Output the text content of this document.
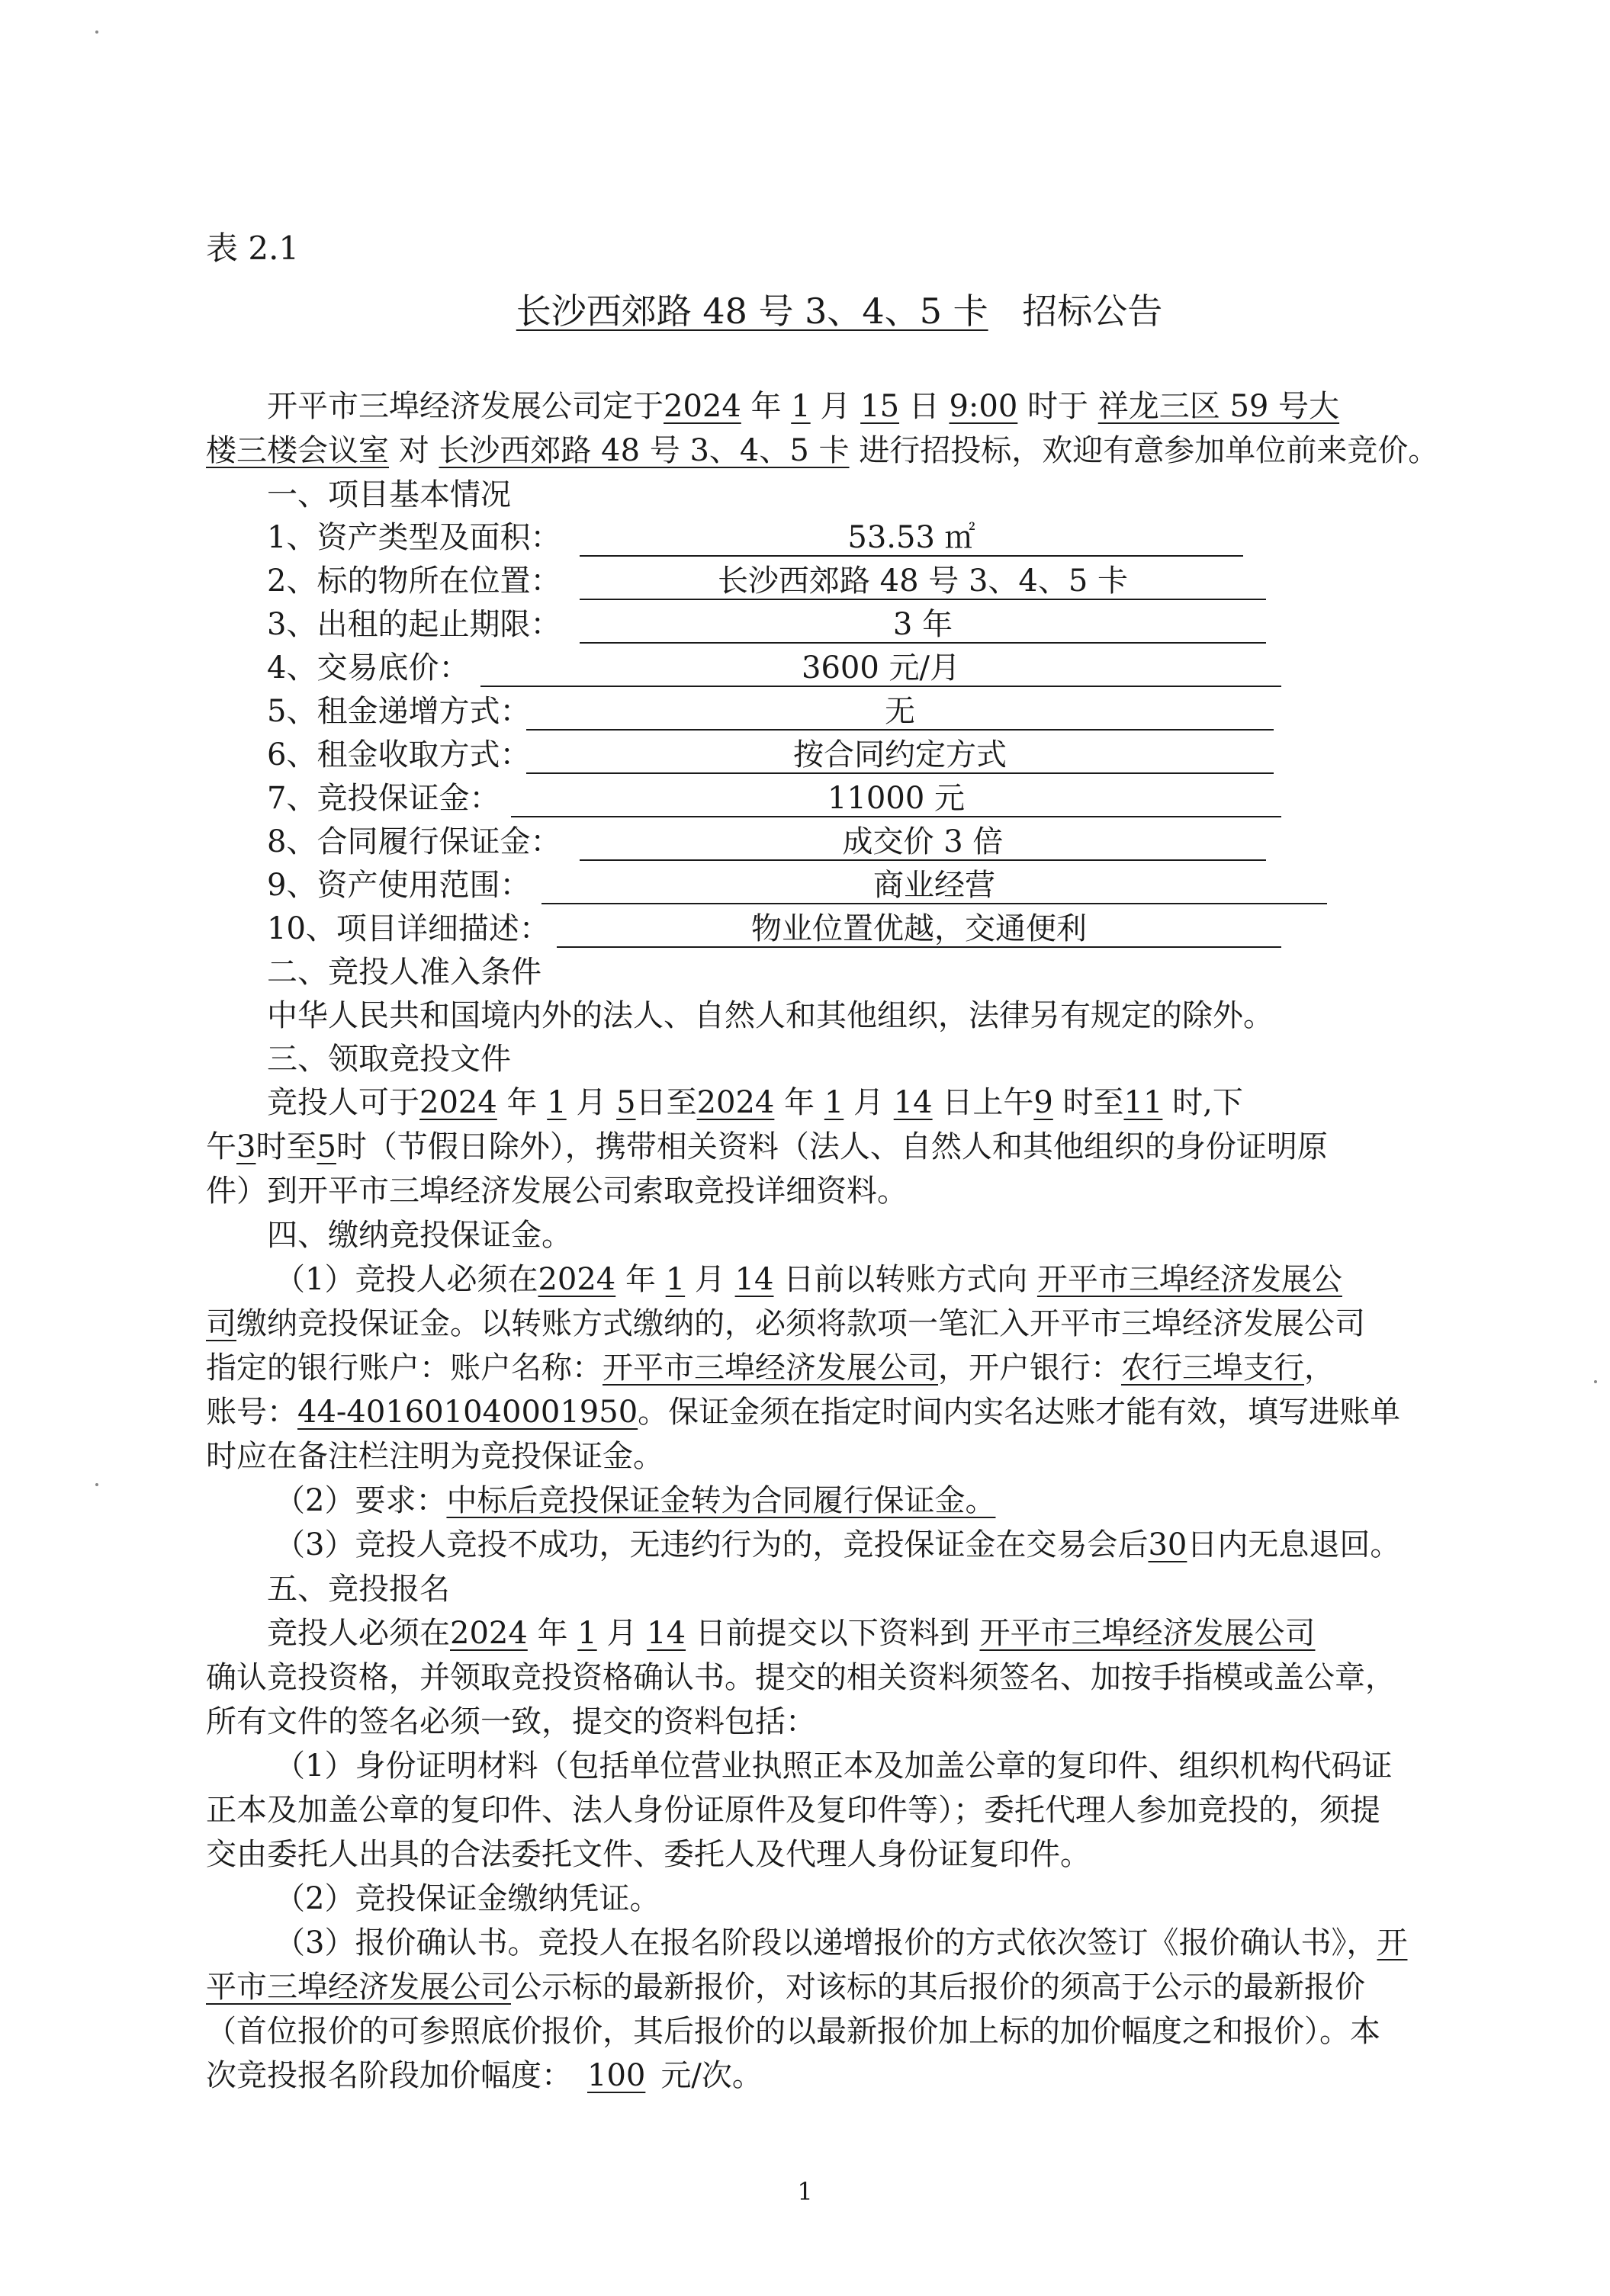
表 2.1
长沙西郊路 48 号 3、4、5 卡 招标公告
开平市三埠经济发展公司定于2024 年 1 月 15 日 9:00 时于 祥龙三区 59 号大
楼三楼会议室 对 长沙西郊路 48 号 3、4、5 卡 进行招投标，欢迎有意参加单位前来竞价。
一、项目基本情况
1、资产类型及面积：	53.53 ㎡
2、标的物所在位置：	长沙西郊路 48 号 3、4、5 卡
3、出租的起止期限：	3 年
4、交易底价：	3600 元/月
5、租金递增方式：	无
6、租金收取方式：	按合同约定方式
7、竞投保证金：	11000 元
8、合同履行保证金：	成交价 3 倍
9、资产使用范围：	商业经营
10、项目详细描述：	物业位置优越，交通便利
二、竞投人准入条件
中华人民共和国境内外的法人、自然人和其他组织，法律另有规定的除外。
三、领取竞投文件
竞投人可于2024 年 1 月 5日至2024 年 1 月 14 日上午9 时至11 时,下
午3时至5时（节假日除外），携带相关资料（法人、自然人和其他组织的身份证明原
件）到开平市三埠经济发展公司索取竞投详细资料。
四、缴纳竞投保证金。
（1）竞投人必须在2024 年 1 月 14 日前以转账方式向 开平市三埠经济发展公
司缴纳竞投保证金。以转账方式缴纳的，必须将款项一笔汇入开平市三埠经济发展公司
指定的银行账户：账户名称：开平市三埠经济发展公司，开户银行：农行三埠支行，
账号：44-401601040001950。保证金须在指定时间内实名达账才能有效，填写进账单
时应在备注栏注明为竞投保证金。
（2）要求：中标后竞投保证金转为合同履行保证金。
（3）竞投人竞投不成功，无违约行为的，竞投保证金在交易会后30日内无息退回。
五、竞投报名
竞投人必须在2024 年 1 月 14 日前提交以下资料到 开平市三埠经济发展公司
确认竞投资格，并领取竞投资格确认书。提交的相关资料须签名、加按手指模或盖公章，
所有文件的签名必须一致，提交的资料包括：
（1）身份证明材料（包括单位营业执照正本及加盖公章的复印件、组织机构代码证
正本及加盖公章的复印件、法人身份证原件及复印件等）；委托代理人参加竞投的，须提
交由委托人出具的合法委托文件、委托人及代理人身份证复印件。
（2）竞投保证金缴纳凭证。
（3）报价确认书。竞投人在报名阶段以递增报价的方式依次签订《报价确认书》，开
平市三埠经济发展公司公示标的最新报价，对该标的其后报价的须高于公示的最新报价
（首位报价的可参照底价报价，其后报价的以最新报价加上标的加价幅度之和报价）。本
次竞投报名阶段加价幅度： 100 元/次。
1
